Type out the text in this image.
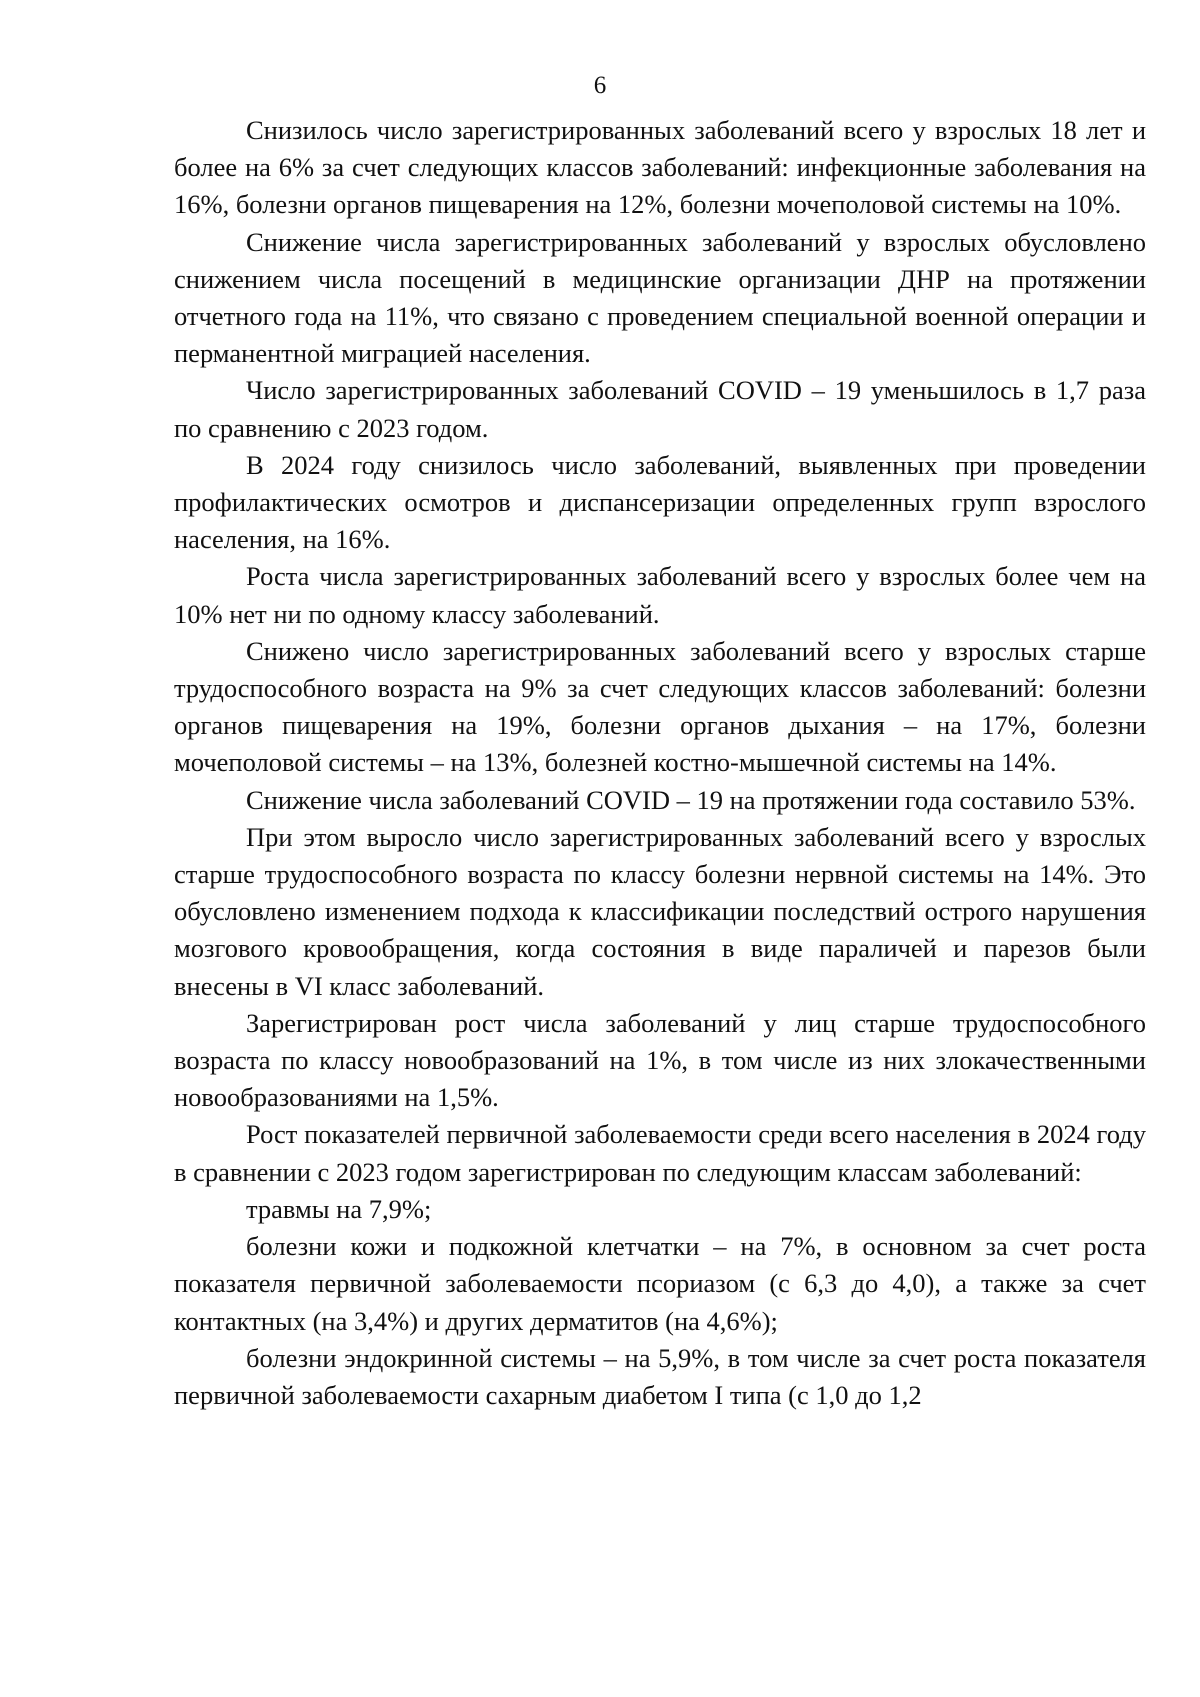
6

Снизилось число зарегистрированных заболеваний всего у взрослых 18 лет и более на 6% за счет следующих классов заболеваний: инфекционные заболевания на 16%, болезни органов пищеварения на 12%, болезни мочеполовой системы на 10%.

Снижение числа зарегистрированных заболеваний у взрослых обусловлено снижением числа посещений в медицинские организации ДНР на протяжении отчетного года на 11%, что связано с проведением специальной военной операции и перманентной миграцией населения.

Число зарегистрированных заболеваний COVID – 19 уменьшилось в 1,7 раза по сравнению с 2023 годом.

В 2024 году снизилось число заболеваний, выявленных при проведении профилактических осмотров и диспансеризации определенных групп взрослого населения, на 16%.

Роста числа зарегистрированных заболеваний всего у взрослых более чем на 10% нет ни по одному классу заболеваний.

Снижено число зарегистрированных заболеваний всего у взрослых старше трудоспособного возраста на 9% за счет следующих классов заболеваний: болезни органов пищеварения на 19%, болезни органов дыхания – на 17%, болезни мочеполовой системы – на 13%, болезней костно-мышечной системы на 14%.

Снижение числа заболеваний COVID – 19 на протяжении года составило 53%.

При этом выросло число зарегистрированных заболеваний всего у взрослых старше трудоспособного возраста по классу болезни нервной системы на 14%. Это обусловлено изменением подхода к классификации последствий острого нарушения мозгового кровообращения, когда состояния в виде параличей и парезов были внесены в VI класс заболеваний.

Зарегистрирован рост числа заболеваний у лиц старше трудоспособного возраста по классу новообразований на 1%, в том числе из них злокачественными новообразованиями на 1,5%.

Рост показателей первичной заболеваемости среди всего населения в 2024 году в сравнении с 2023 годом зарегистрирован по следующим классам заболеваний:

травмы на 7,9%;

болезни кожи и подкожной клетчатки – на 7%, в основном за счет роста показателя первичной заболеваемости псориазом (с 6,3 до 4,0), а также за счет контактных (на 3,4%) и других дерматитов (на 4,6%);

болезни эндокринной системы – на 5,9%, в том числе за счет роста показателя первичной заболеваемости сахарным диабетом I типа (с 1,0 до 1,2
